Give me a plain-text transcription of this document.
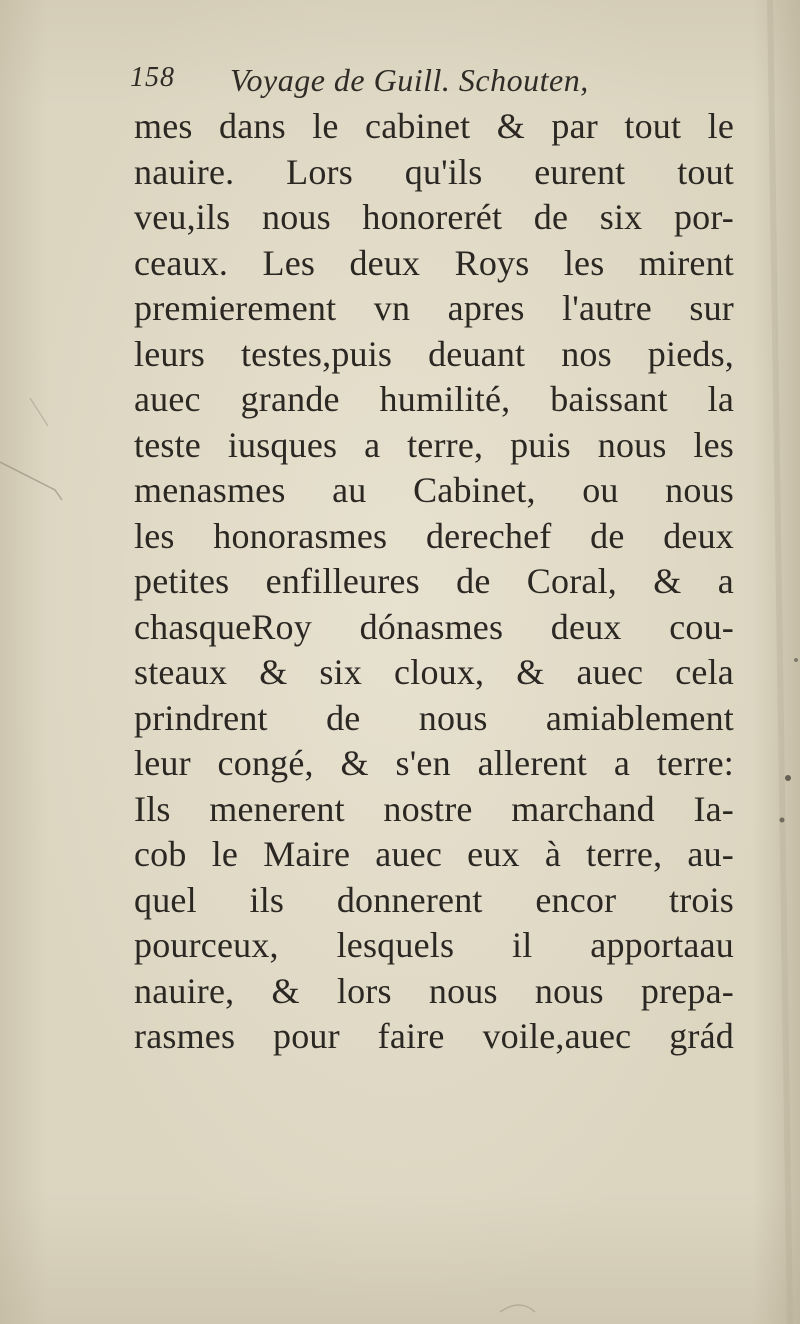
158 Voyage de Guill. Schouten,
mes dans le cabinet & par tout le
nauire. Lors qu'ils eurent tout
veu,ils nous honorerét de six por-
ceaux. Les deux Roys les mirent
premierement vn apres l'autre sur
leurs testes,puis deuant nos pieds,
auec grande humilité, baissant la
teste iusques a terre, puis nous les
menasmes au Cabinet, ou nous
les honorasmes derechef de deux
petites enfilleures de Coral, & a
chasqueRoy dónasmes deux cou-
steaux & six cloux, & auec cela
prindrent de nous amiablement
leur congé, & s'en allerent a terre:
Ils menerent nostre marchand Ia-
cob le Maire auec eux à terre, au-
quel ils donnerent encor trois
pourceux, lesquels il apportaau
nauire, & lors nous nous prepa-
rasmes pour faire voile,auec grád
